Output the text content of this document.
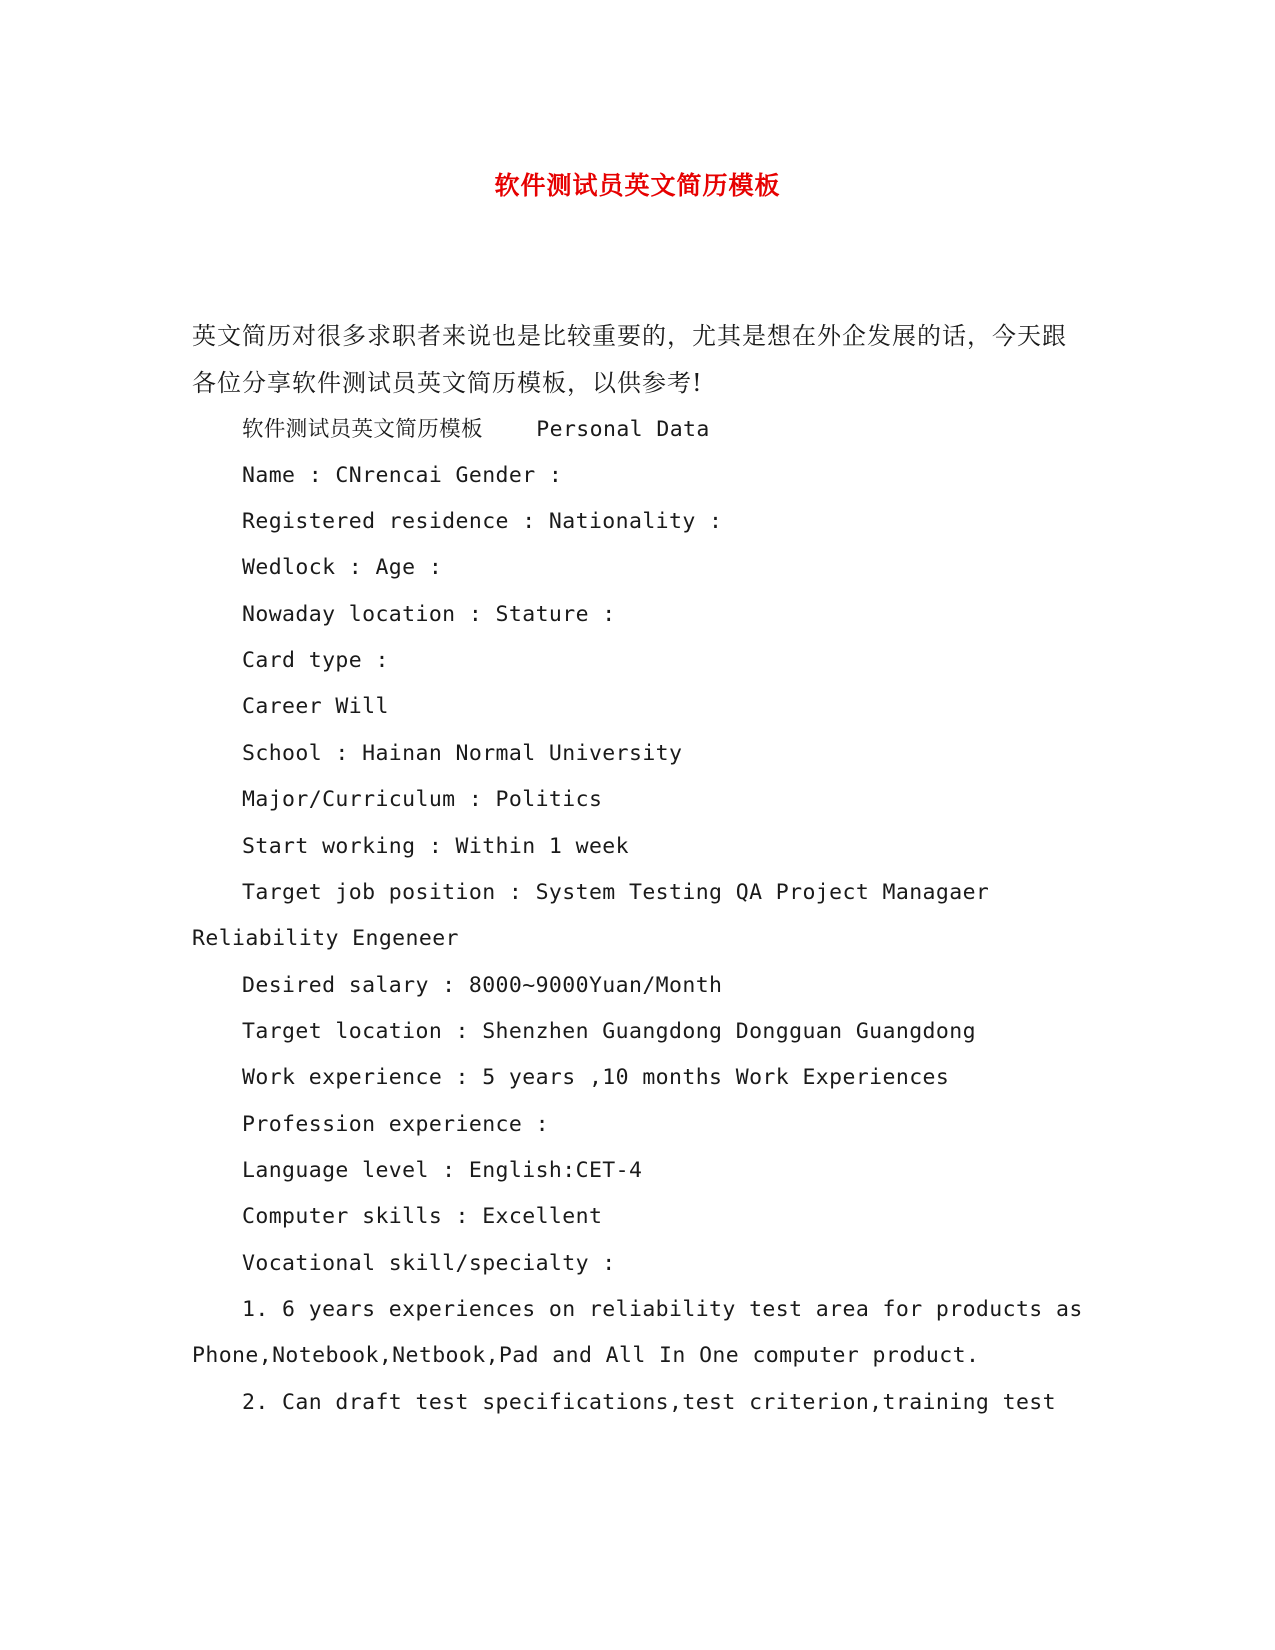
软件测试员英文简历模板
英文简历对很多求职者来说也是比较重要的，尤其是想在外企发展的话，今天跟
各位分享软件测试员英文简历模板，以供参考!
软件测试员英文简历模板    Personal Data
Name : CNrencai Gender :
Registered residence : Nationality :
Wedlock : Age :
Nowaday location : Stature :
Card type :
Career Will
School : Hainan Normal University
Major/Curriculum : Politics
Start working : Within 1 week
Target job position : System Testing QA Project Managaer
Reliability Engeneer
Desired salary : 8000~9000Yuan/Month
Target location : Shenzhen Guangdong Dongguan Guangdong
Work experience : 5 years ,10 months Work Experiences
Profession experience :
Language level : English:CET-4
Computer skills : Excellent
Vocational skill/specialty :
1. 6 years experiences on reliability test area for products as
Phone,Notebook,Netbook,Pad and All In One computer product.
2. Can draft test specifications,test criterion,training test
